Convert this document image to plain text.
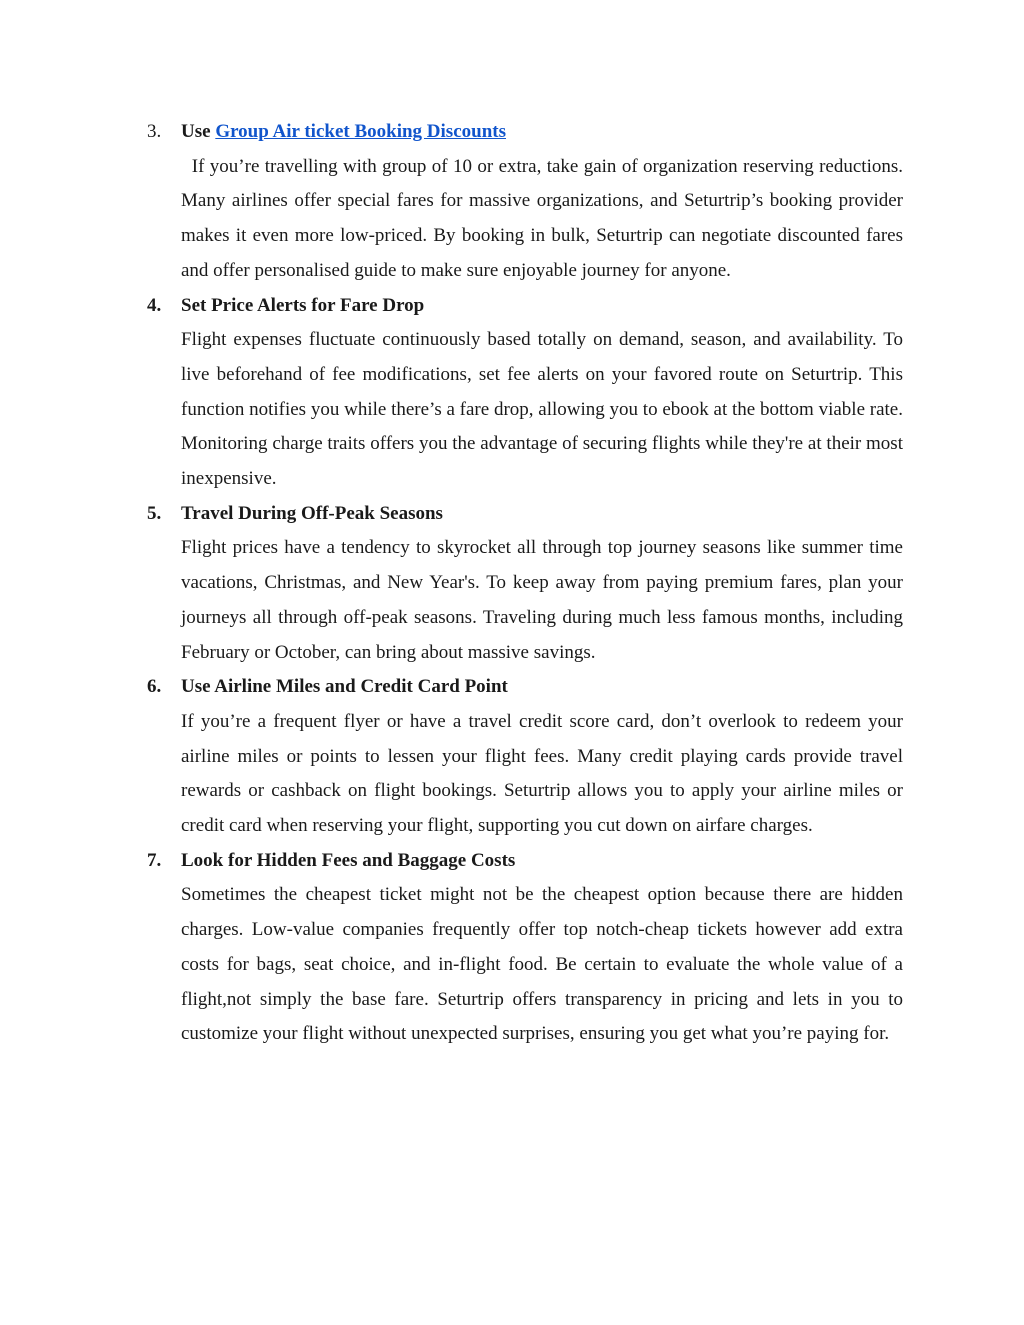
3.	Use Group Air ticket Booking Discounts
If you’re travelling with group of 10 or extra, take gain of organization reserving reductions. Many airlines offer special fares for massive organizations, and Seturtrip’s booking provider makes it even more low-priced. By booking in bulk, Seturtrip can negotiate discounted fares and offer personalised guide to make sure enjoyable journey for anyone.
4.	Set Price Alerts for Fare Drop
Flight expenses fluctuate continuously based totally on demand, season, and availability. To live beforehand of fee modifications, set fee alerts on your favored route on Seturtrip. This function notifies you while there’s a fare drop, allowing you to ebook at the bottom viable rate. Monitoring charge traits offers you the advantage of securing flights while they're at their most inexpensive.
5.	Travel During Off-Peak Seasons
Flight prices have a tendency to skyrocket all through top journey seasons like summer time vacations, Christmas, and New Year's. To keep away from paying premium fares, plan your journeys all through off-peak seasons. Traveling during much less famous months, including February or October, can bring about massive savings.
6.	Use Airline Miles and Credit Card Point
If you’re a frequent flyer or have a travel credit score card, don’t overlook to redeem your airline miles or points to lessen your flight fees. Many credit playing cards provide travel rewards or cashback on flight bookings. Seturtrip allows you to apply your airline miles or credit card when reserving your flight, supporting you cut down on airfare charges.
7.	Look for Hidden Fees and Baggage Costs
Sometimes the cheapest ticket might not be the cheapest option because there are hidden charges. Low-value companies frequently offer top notch-cheap tickets however add extra costs for bags, seat choice, and in-flight food. Be certain to evaluate the whole value of a flight,not simply the base fare. Seturtrip offers transparency in pricing and lets in you to customize your flight without unexpected surprises, ensuring you get what you’re paying for.
